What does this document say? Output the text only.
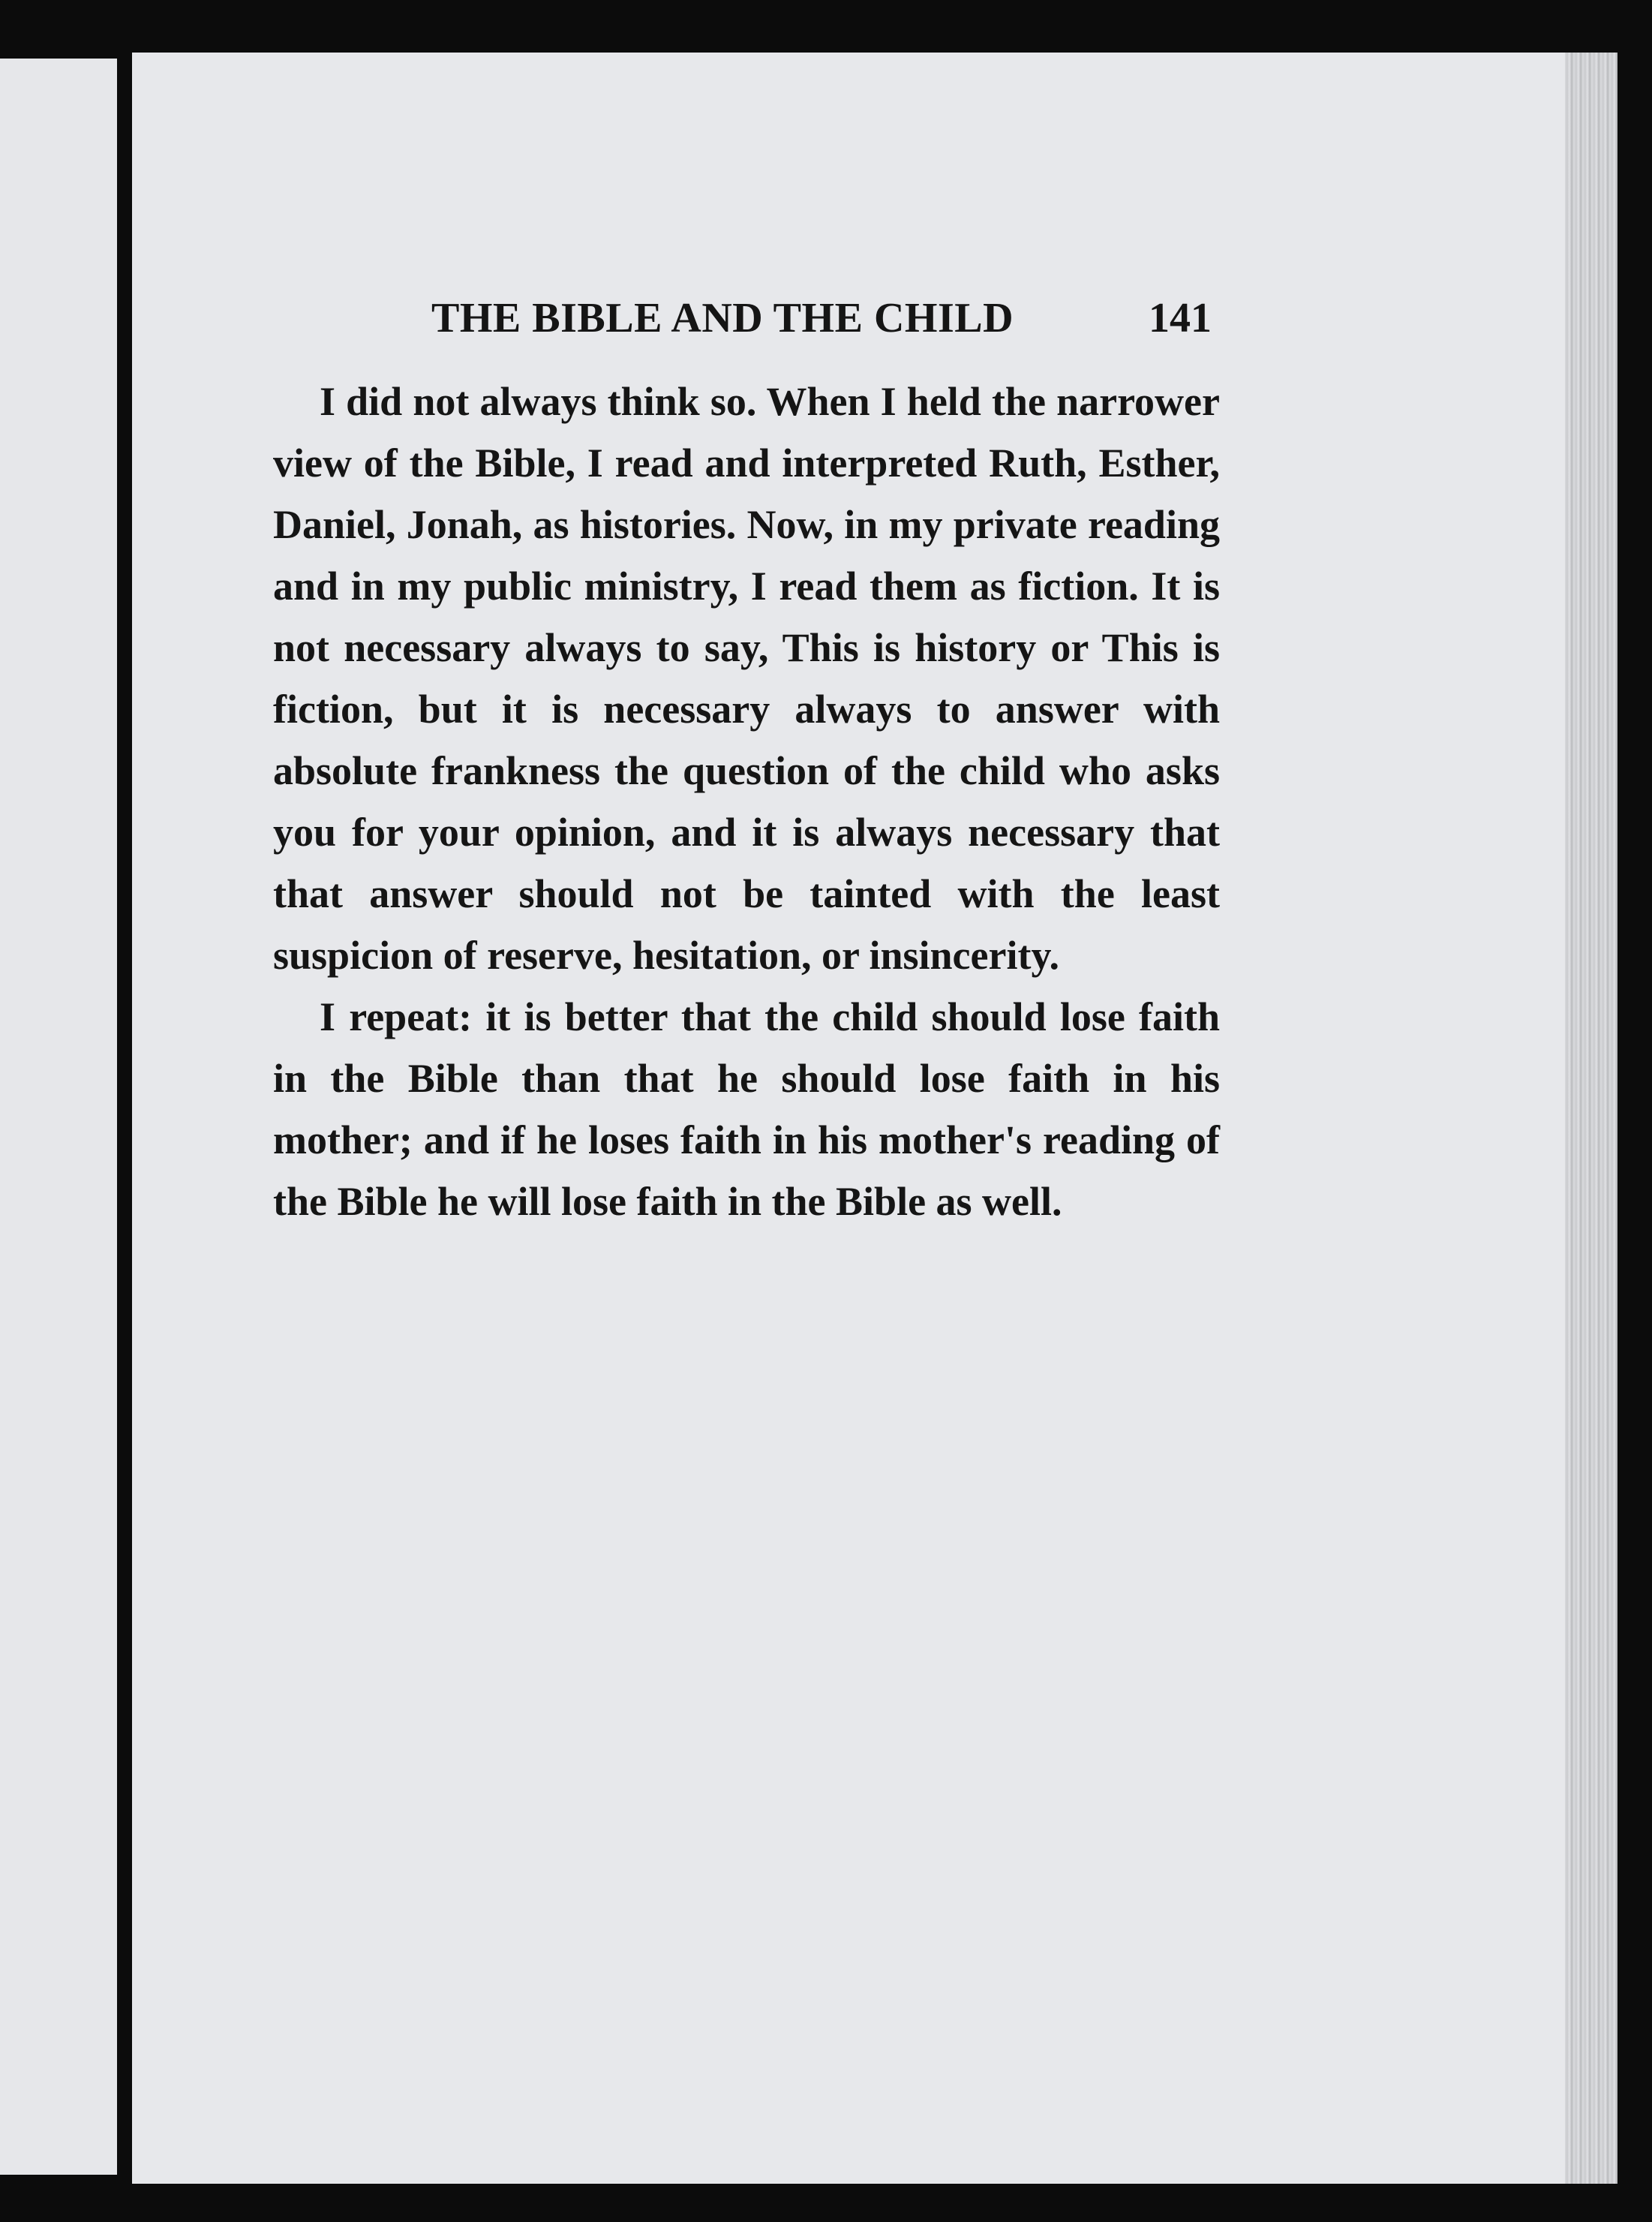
THE BIBLE AND THE CHILD	141

I did not always think so. When I held the narrower view of the Bible, I read and interpreted Ruth, Esther, Daniel, Jonah, as histories. Now, in my private reading and in my public ministry, I read them as fiction. It is not necessary always to say, This is history or This is fiction, but it is necessary always to answer with absolute frankness the question of the child who asks you for your opinion, and it is always necessary that that answer should not be tainted with the least suspicion of reserve, hesitation, or insincerity.

I repeat: it is better that the child should lose faith in the Bible than that he should lose faith in his mother; and if he loses faith in his mother's reading of the Bible he will lose faith in the Bible as well.
